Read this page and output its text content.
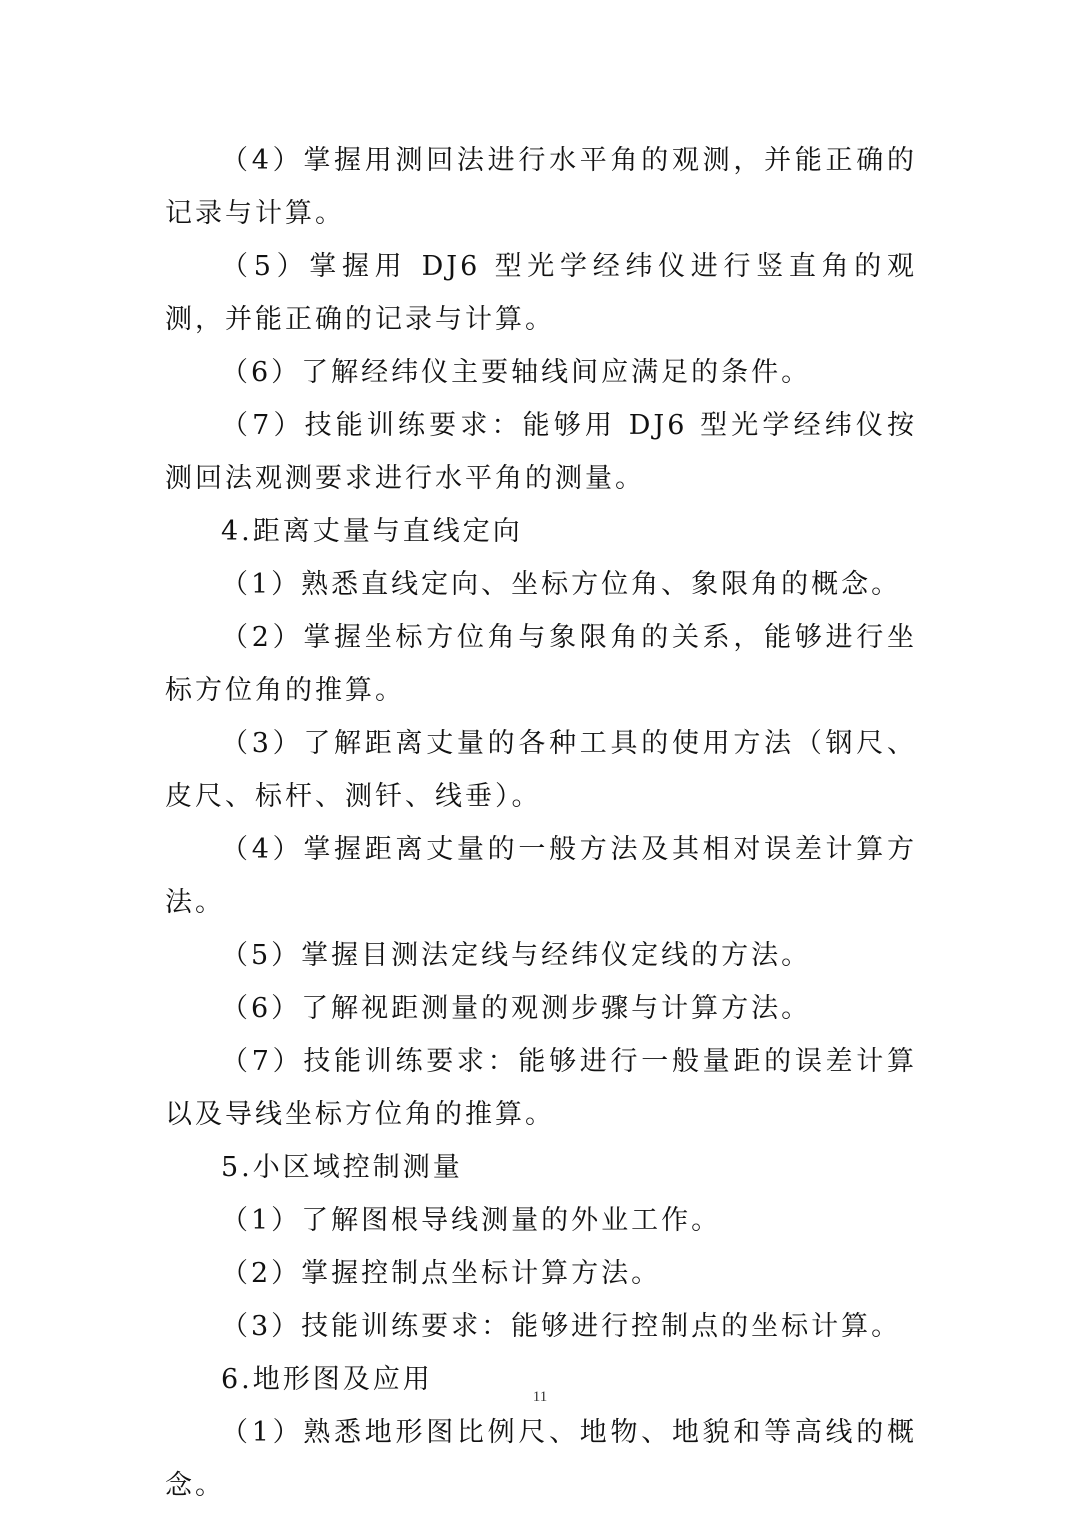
（4）掌握用测回法进行水平角的观测，并能正确的记录与计算。

（5）掌握用 DJ6 型光学经纬仪进行竖直角的观测，并能正确的记录与计算。

（6）了解经纬仪主要轴线间应满足的条件。

（7）技能训练要求：能够用 DJ6 型光学经纬仪按测回法观测要求进行水平角的测量。

4.距离丈量与直线定向

（1）熟悉直线定向、坐标方位角、象限角的概念。

（2）掌握坐标方位角与象限角的关系，能够进行坐标方位角的推算。

（3）了解距离丈量的各种工具的使用方法（钢尺、皮尺、标杆、测钎、线垂）。

（4）掌握距离丈量的一般方法及其相对误差计算方法。

（5）掌握目测法定线与经纬仪定线的方法。

（6）了解视距测量的观测步骤与计算方法。

（7）技能训练要求：能够进行一般量距的误差计算以及导线坐标方位角的推算。

5.小区域控制测量

（1）了解图根导线测量的外业工作。

（2）掌握控制点坐标计算方法。

（3）技能训练要求：能够进行控制点的坐标计算。

6.地形图及应用

（1）熟悉地形图比例尺、地物、地貌和等高线的概念。

11
